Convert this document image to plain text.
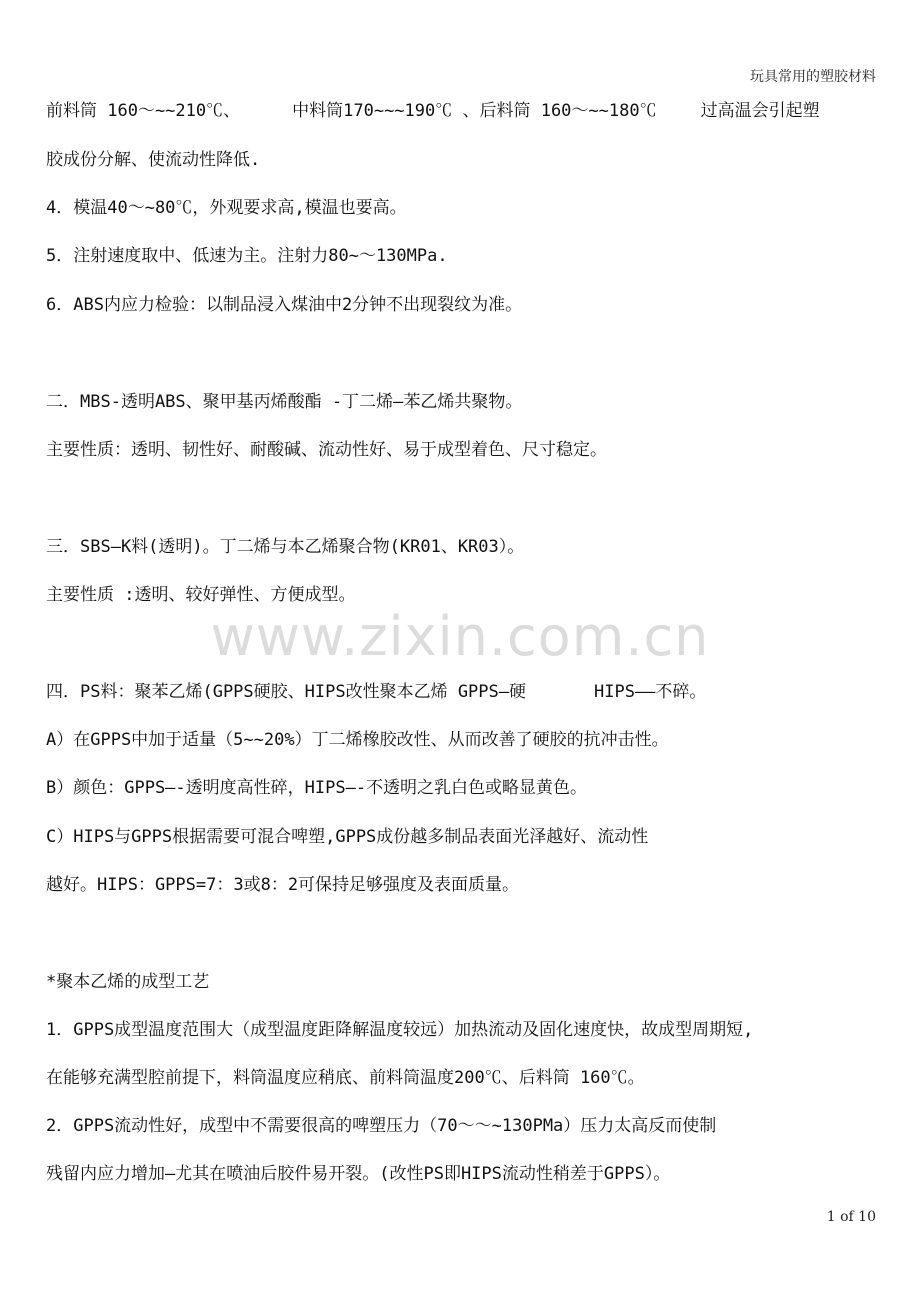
玩具常用的塑胶材料
前料筒 160～~~210℃、	中料筒170~~~190℃ 、后料筒 160～~~180℃	过高温会引起塑
胶成份分解、使流动性降低.
4．模温40～~80℃，外观要求高,模温也要高。
5．注射速度取中、低速为主。注射力80~～130MPa.
6．ABS内应力检验：以制品浸入煤油中2分钟不出现裂纹为准。
二．MBS-透明ABS、聚甲基丙烯酸酯 -丁二烯—苯乙烯共聚物。
主要性质：透明、韧性好、耐酸碱、流动性好、易于成型着色、尺寸稳定。
三．SBS—K料(透明)。丁二烯与本乙烯聚合物(KR01、KR03）。
主要性质 :透明、较好弹性、方便成型。
www.zixin.com.cn
四．PS料：聚苯乙烯(GPPS硬胶、HIPS改性聚本乙烯 GPPS—硬	HIPS——不碎。
A）在GPPS中加于适量（5~~20%）丁二烯橡胶改性、从而改善了硬胶的抗冲击性。
B）颜色：GPPS—-透明度高性碎，HIPS—-不透明之乳白色或略显黄色。
C）HIPS与GPPS根据需要可混合啤塑,GPPS成份越多制品表面光泽越好、流动性
越好。HIPS：GPPS=7：3或8：2可保持足够强度及表面质量。
*聚本乙烯的成型工艺
1．GPPS成型温度范围大（成型温度距降解温度较远）加热流动及固化速度快，故成型周期短,
在能够充满型腔前提下，料筒温度应稍底、前料筒温度200℃、后料筒 160℃。
2．GPPS流动性好，成型中不需要很高的啤塑压力（70～～~130PMa）压力太高反而使制
残留内应力增加—尤其在喷油后胶件易开裂。(改性PS即HIPS流动性稍差于GPPS）。
1 of 10
